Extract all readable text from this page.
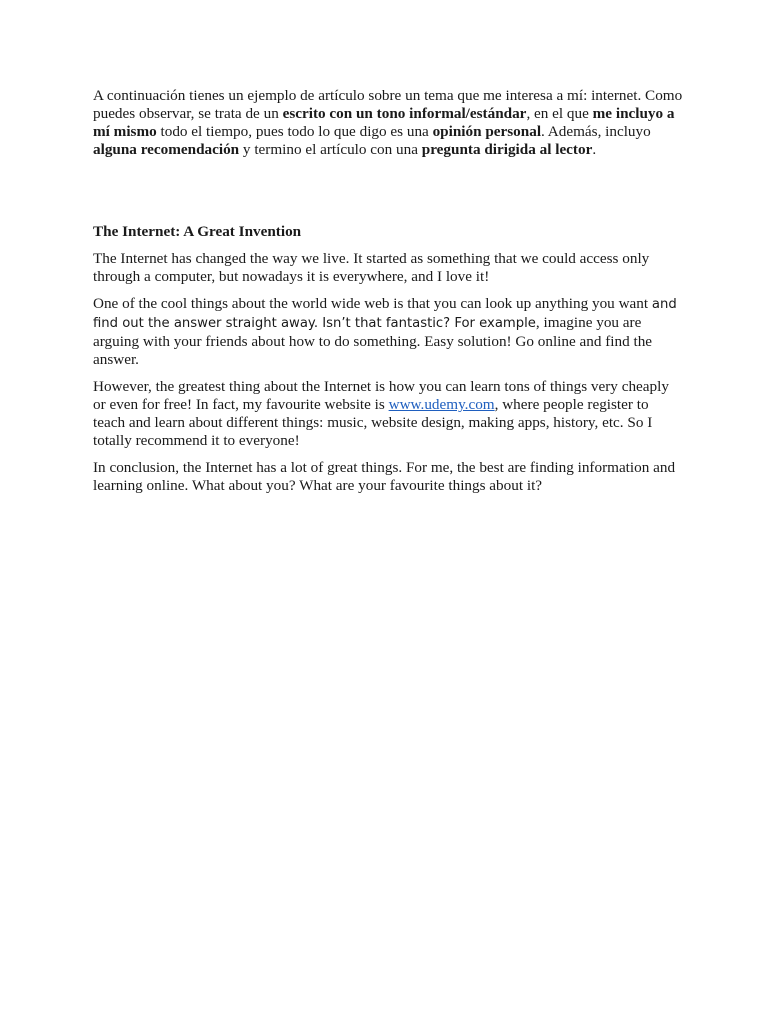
A continuación tienes un ejemplo de artículo sobre un tema que me interesa a mí: internet. Como puedes observar, se trata de un escrito con un tono informal/estándar, en el que me incluyo a mí mismo todo el tiempo, pues todo lo que digo es una opinión personal. Además, incluyo alguna recomendación y termino el artículo con una pregunta dirigida al lector.

The Internet: A Great Invention

The Internet has changed the way we live. It started as something that we could access only through a computer, but nowadays it is everywhere, and I love it!

One of the cool things about the world wide web is that you can look up anything you want and find out the answer straight away. Isn’t that fantastic? For example, imagine you are arguing with your friends about how to do something. Easy solution! Go online and find the answer.

However, the greatest thing about the Internet is how you can learn tons of things very cheaply or even for free! In fact, my favourite website is www.udemy.com, where people register to teach and learn about different things: music, website design, making apps, history, etc. So I totally recommend it to everyone!

In conclusion, the Internet has a lot of great things. For me, the best are finding information and learning online. What about you? What are your favourite things about it?
